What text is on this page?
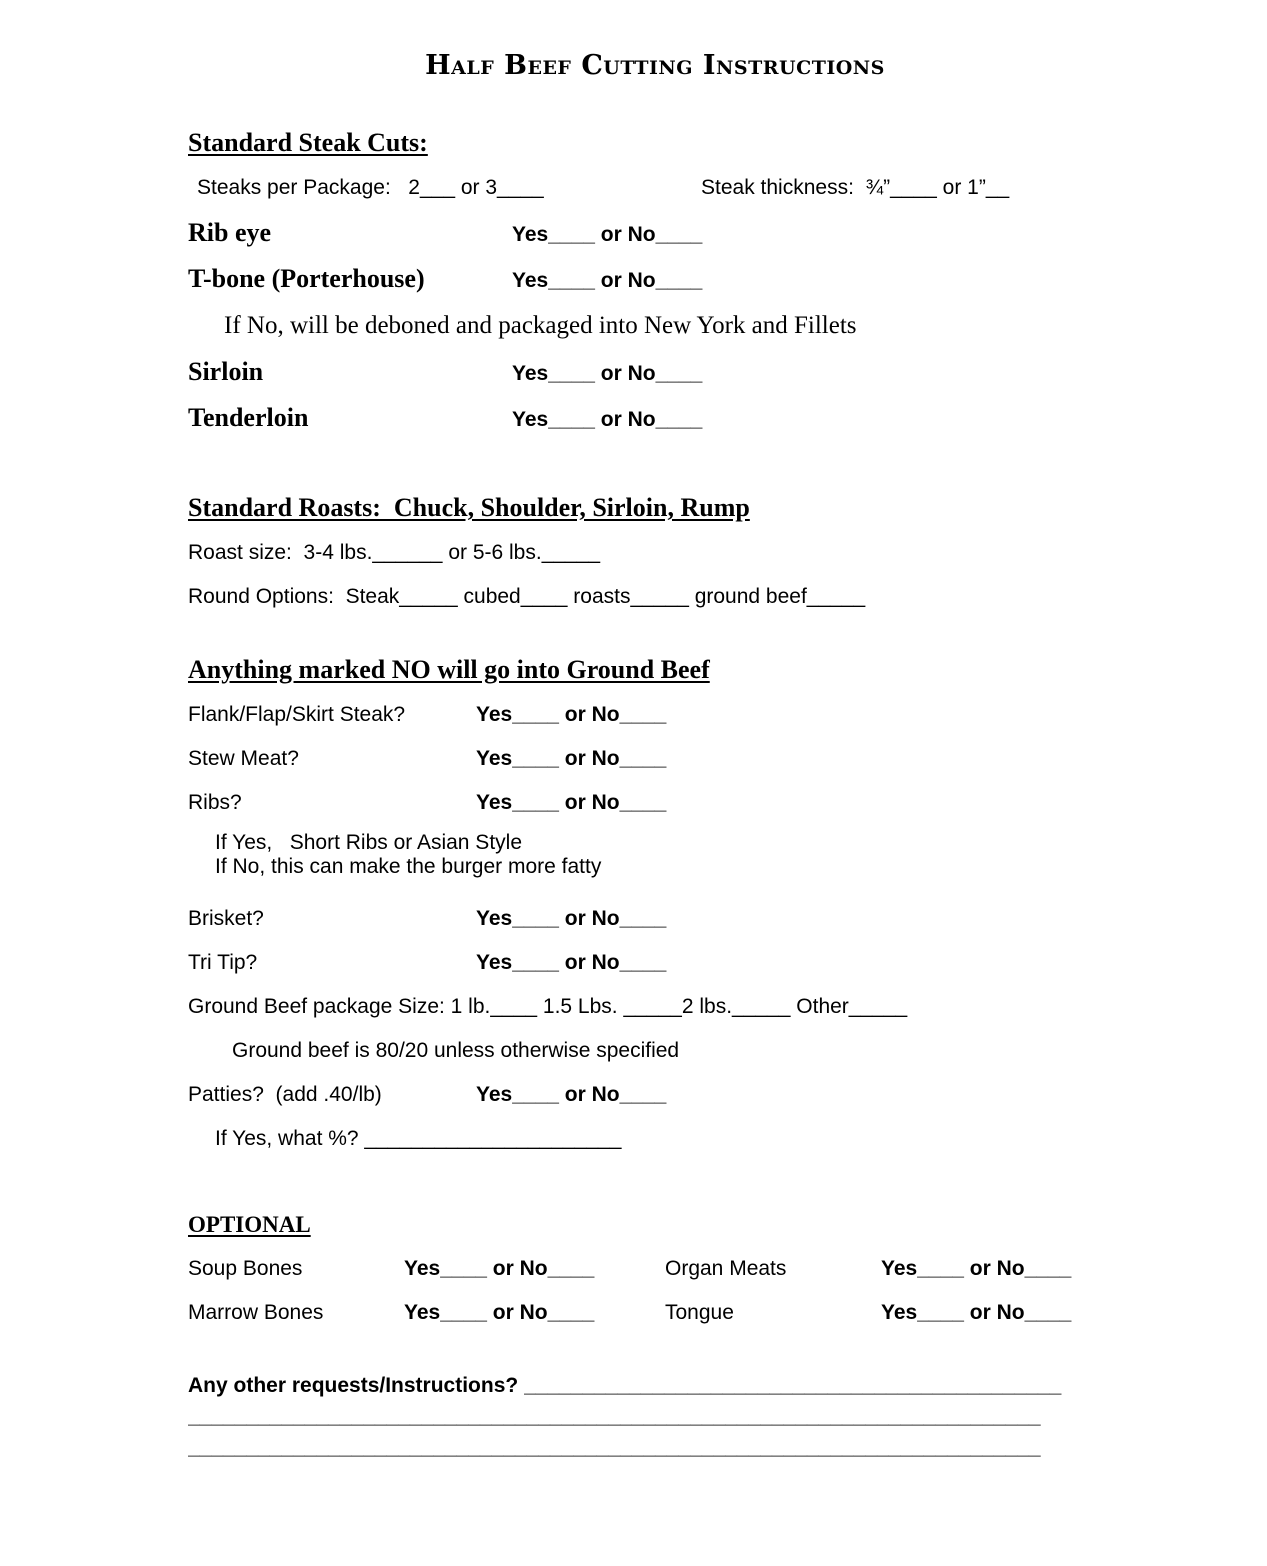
Half Beef Cutting Instructions
Standard Steak Cuts:
Steaks per Package:   2___ or 3____	Steak thickness:  ¾”____ or 1”__
Rib eye	Yes____ or No____
T-bone (Porterhouse)	Yes____ or No____
If No, will be deboned and packaged into New York and Fillets
Sirloin	Yes____ or No____
Tenderloin	Yes____ or No____
Standard Roasts:  Chuck, Shoulder, Sirloin, Rump
Roast size:  3-4 lbs.______ or 5-6 lbs._____
Round Options:  Steak_____ cubed____ roasts_____ ground beef_____
Anything marked NO will go into Ground Beef
Flank/Flap/Skirt Steak?	Yes____ or No____
Stew Meat?	Yes____ or No____
Ribs?	Yes____ or No____
If Yes,   Short Ribs or Asian Style
If No, this can make the burger more fatty
Brisket?	Yes____ or No____
Tri Tip?	Yes____ or No____
Ground Beef package Size: 1 lb.____ 1.5 Lbs. _____2 lbs._____ Other_____
Ground beef is 80/20 unless otherwise specified
Patties?  (add .40/lb)	Yes____ or No____
If Yes, what %? ______________________
OPTIONAL
Soup Bones	Yes____ or No____	Organ Meats	Yes____ or No____
Marrow Bones	Yes____ or No____	Tongue	Yes____ or No____
Any other requests/Instructions? ______________________________________________
_________________________________________________________________________
_________________________________________________________________________
